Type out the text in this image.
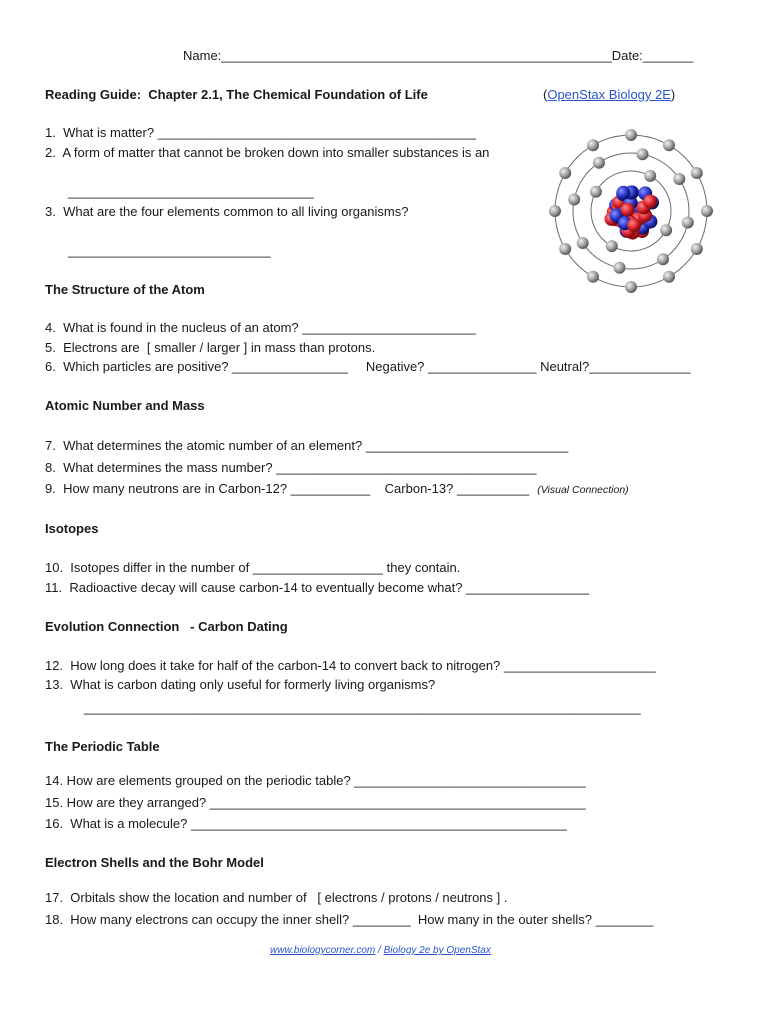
Name:______________________________________________________Date:_______
Reading Guide:  Chapter 2.1, The Chemical Foundation of Life	(OpenStax Biology 2E)
1.  What is matter? ____________________________________________
2.  A form of matter that cannot be broken down into smaller substances is an
__________________________________
3.  What are the four elements common to all living organisms?
____________________________
The Structure of the Atom
4.  What is found in the nucleus of an atom? ________________________
5.  Electrons are  [ smaller / larger ] in mass than protons.
6.  Which particles are positive? ________________     Negative? _______________ Neutral?______________
Atomic Number and Mass
7.  What determines the atomic number of an element? ____________________________
8.  What determines the mass number? ____________________________________
9.  How many neutrons are in Carbon-12? ___________    Carbon-13? __________ (Visual Connection)
Isotopes
10.  Isotopes differ in the number of __________________ they contain.
11.  Radioactive decay will cause carbon-14 to eventually become what? _________________
Evolution Connection   - Carbon Dating
12.  How long does it take for half of the carbon-14 to convert back to nitrogen? _____________________
13.  What is carbon dating only useful for formerly living organisms?
_____________________________________________________________________________
The Periodic Table
14. How are elements grouped on the periodic table? ________________________________
15. How are they arranged? ____________________________________________________
16.  What is a molecule? ____________________________________________________
Electron Shells and the Bohr Model
17.  Orbitals show the location and number of   [ electrons / protons / neutrons ] .
18.  How many electrons can occupy the inner shell? ________  How many in the outer shells? ________
www.biologycorner.com / Biology 2e by OpenStax
